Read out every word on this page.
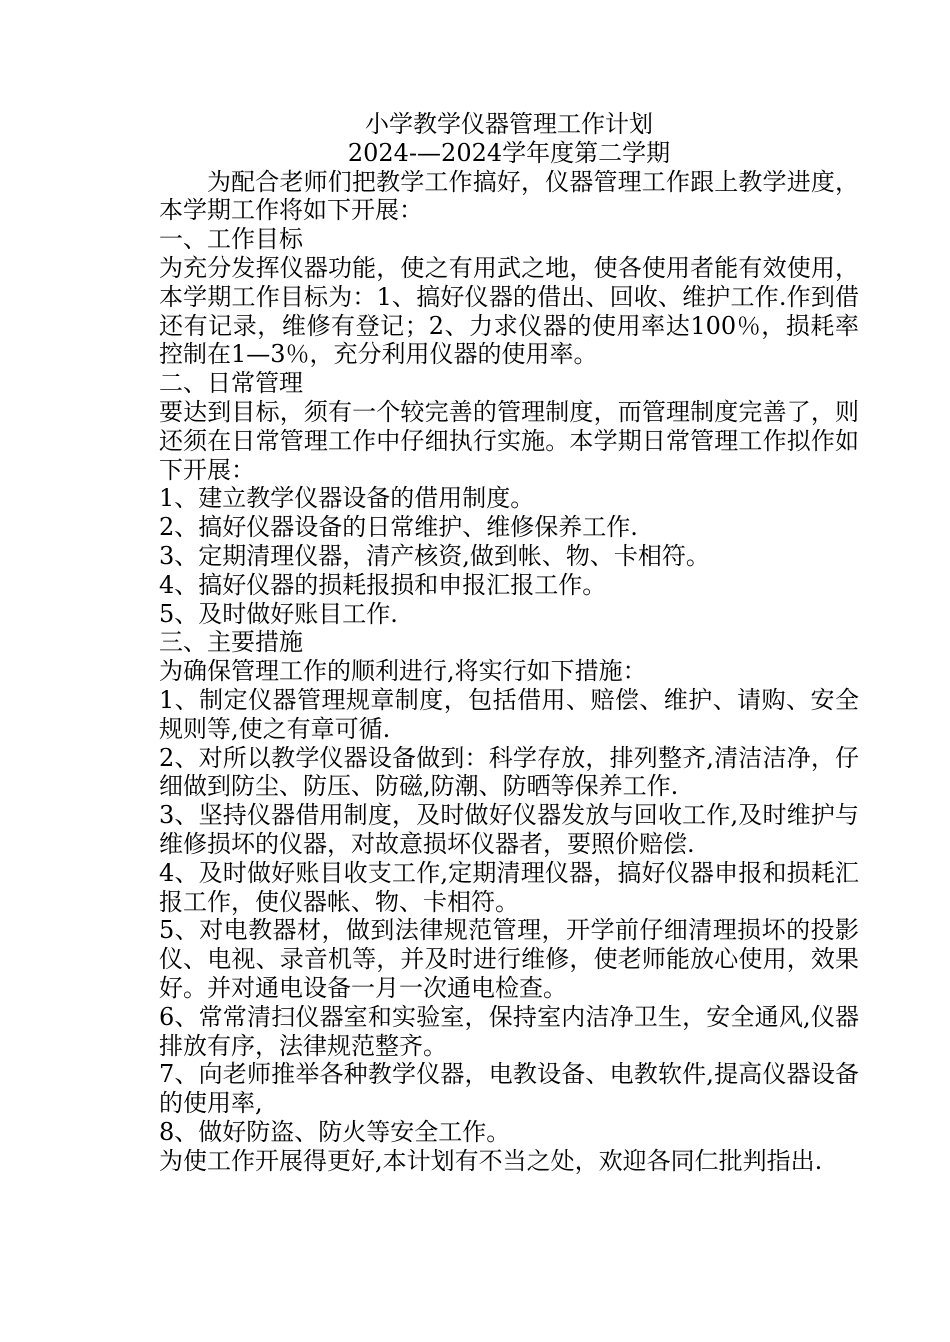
小学教学仪器管理工作计划

2024-—2024学年度第二学期

为配合老师们把教学工作搞好，仪器管理工作跟上教学进度，本学期工作将如下开展：

一、工作目标

为充分发挥仪器功能，使之有用武之地，使各使用者能有效使用，本学期工作目标为：1、搞好仪器的借出、回收、维护工作.作到借还有记录，维修有登记；2、力求仪器的使用率达100％，损耗率控制在1—3％，充分利用仪器的使用率。

二、日常管理

要达到目标，须有一个较完善的管理制度，而管理制度完善了，则还须在日常管理工作中仔细执行实施。本学期日常管理工作拟作如下开展：

1、建立教学仪器设备的借用制度。

2、搞好仪器设备的日常维护、维修保养工作.

3、定期清理仪器，清产核资,做到帐、物、卡相符。

4、搞好仪器的损耗报损和申报汇报工作。

5、及时做好账目工作.

三、主要措施

为确保管理工作的顺利进行,将实行如下措施：

1、制定仪器管理规章制度，包括借用、赔偿、维护、请购、安全规则等,使之有章可循.

2、对所以教学仪器设备做到：科学存放，排列整齐,清洁洁净，仔细做到防尘、防压、防磁,防潮、防晒等保养工作.

3、坚持仪器借用制度，及时做好仪器发放与回收工作,及时维护与维修损坏的仪器，对故意损坏仪器者，要照价赔偿.

4、及时做好账目收支工作,定期清理仪器，搞好仪器申报和损耗汇报工作，使仪器帐、物、卡相符。

5、对电教器材，做到法律规范管理，开学前仔细清理损坏的投影仪、电视、录音机等，并及时进行维修，使老师能放心使用，效果好。并对通电设备一月一次通电检查。

6、常常清扫仪器室和实验室，保持室内洁净卫生，安全通风,仪器排放有序，法律规范整齐。

7、向老师推举各种教学仪器，电教设备、电教软件,提高仪器设备的使用率,

8、做好防盗、防火等安全工作。

为使工作开展得更好,本计划有不当之处，欢迎各同仁批判指出.
